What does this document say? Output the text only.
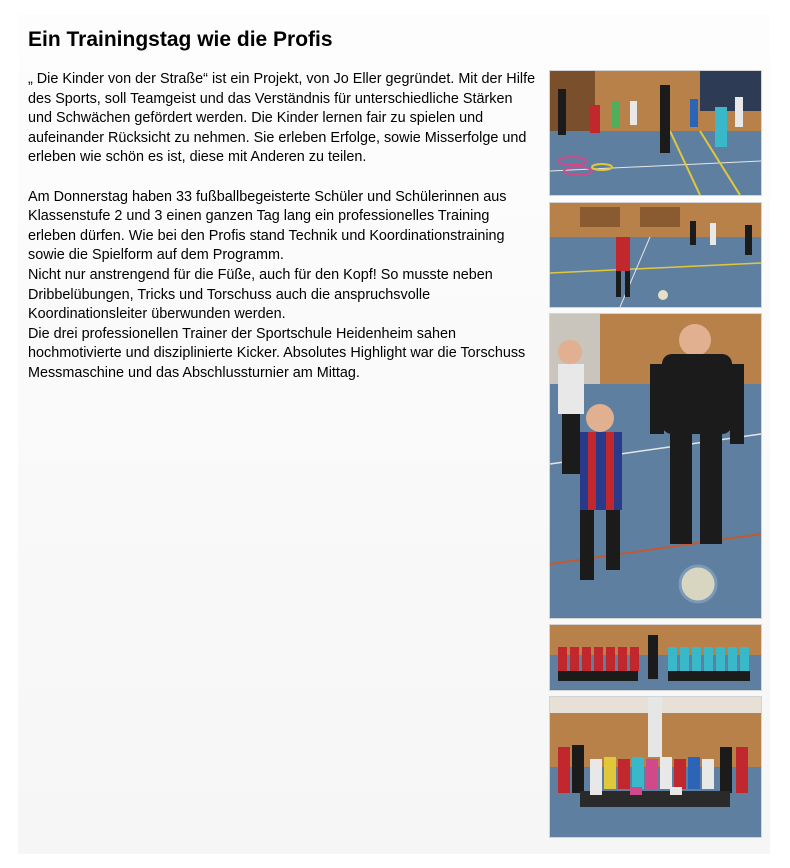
Ein Trainingstag wie die Profis

„ Die Kinder von der Straße“ ist ein Projekt, von Jo Eller gegründet. Mit der Hilfe des Sports, soll Teamgeist und das Verständnis für unterschiedliche Stärken und Schwächen gefördert werden. Die Kinder lernen fair zu spielen und aufeinander Rücksicht zu nehmen. Sie erleben Erfolge, sowie Misserfolge und erleben wie schön es ist, diese mit Anderen zu teilen.

Am Donnerstag haben 33 fußballbegeisterte Schüler und Schülerinnen aus Klassenstufe 2 und 3 einen ganzen Tag lang ein professionelles Training erleben dürfen. Wie bei den Profis stand Technik und Koordinationstraining sowie die Spielform auf dem Programm.

Nicht nur anstrengend für die Füße, auch für den Kopf! So musste neben Dribbelübungen, Tricks und Torschuss auch die anspruchsvolle Koordinationsleiter überwunden werden.

Die drei professionellen Trainer der Sportschule Heidenheim sahen hochmotivierte und disziplinierte Kicker. Absolutes Highlight war die Torschuss Messmaschine und das Abschlussturnier am Mittag.
